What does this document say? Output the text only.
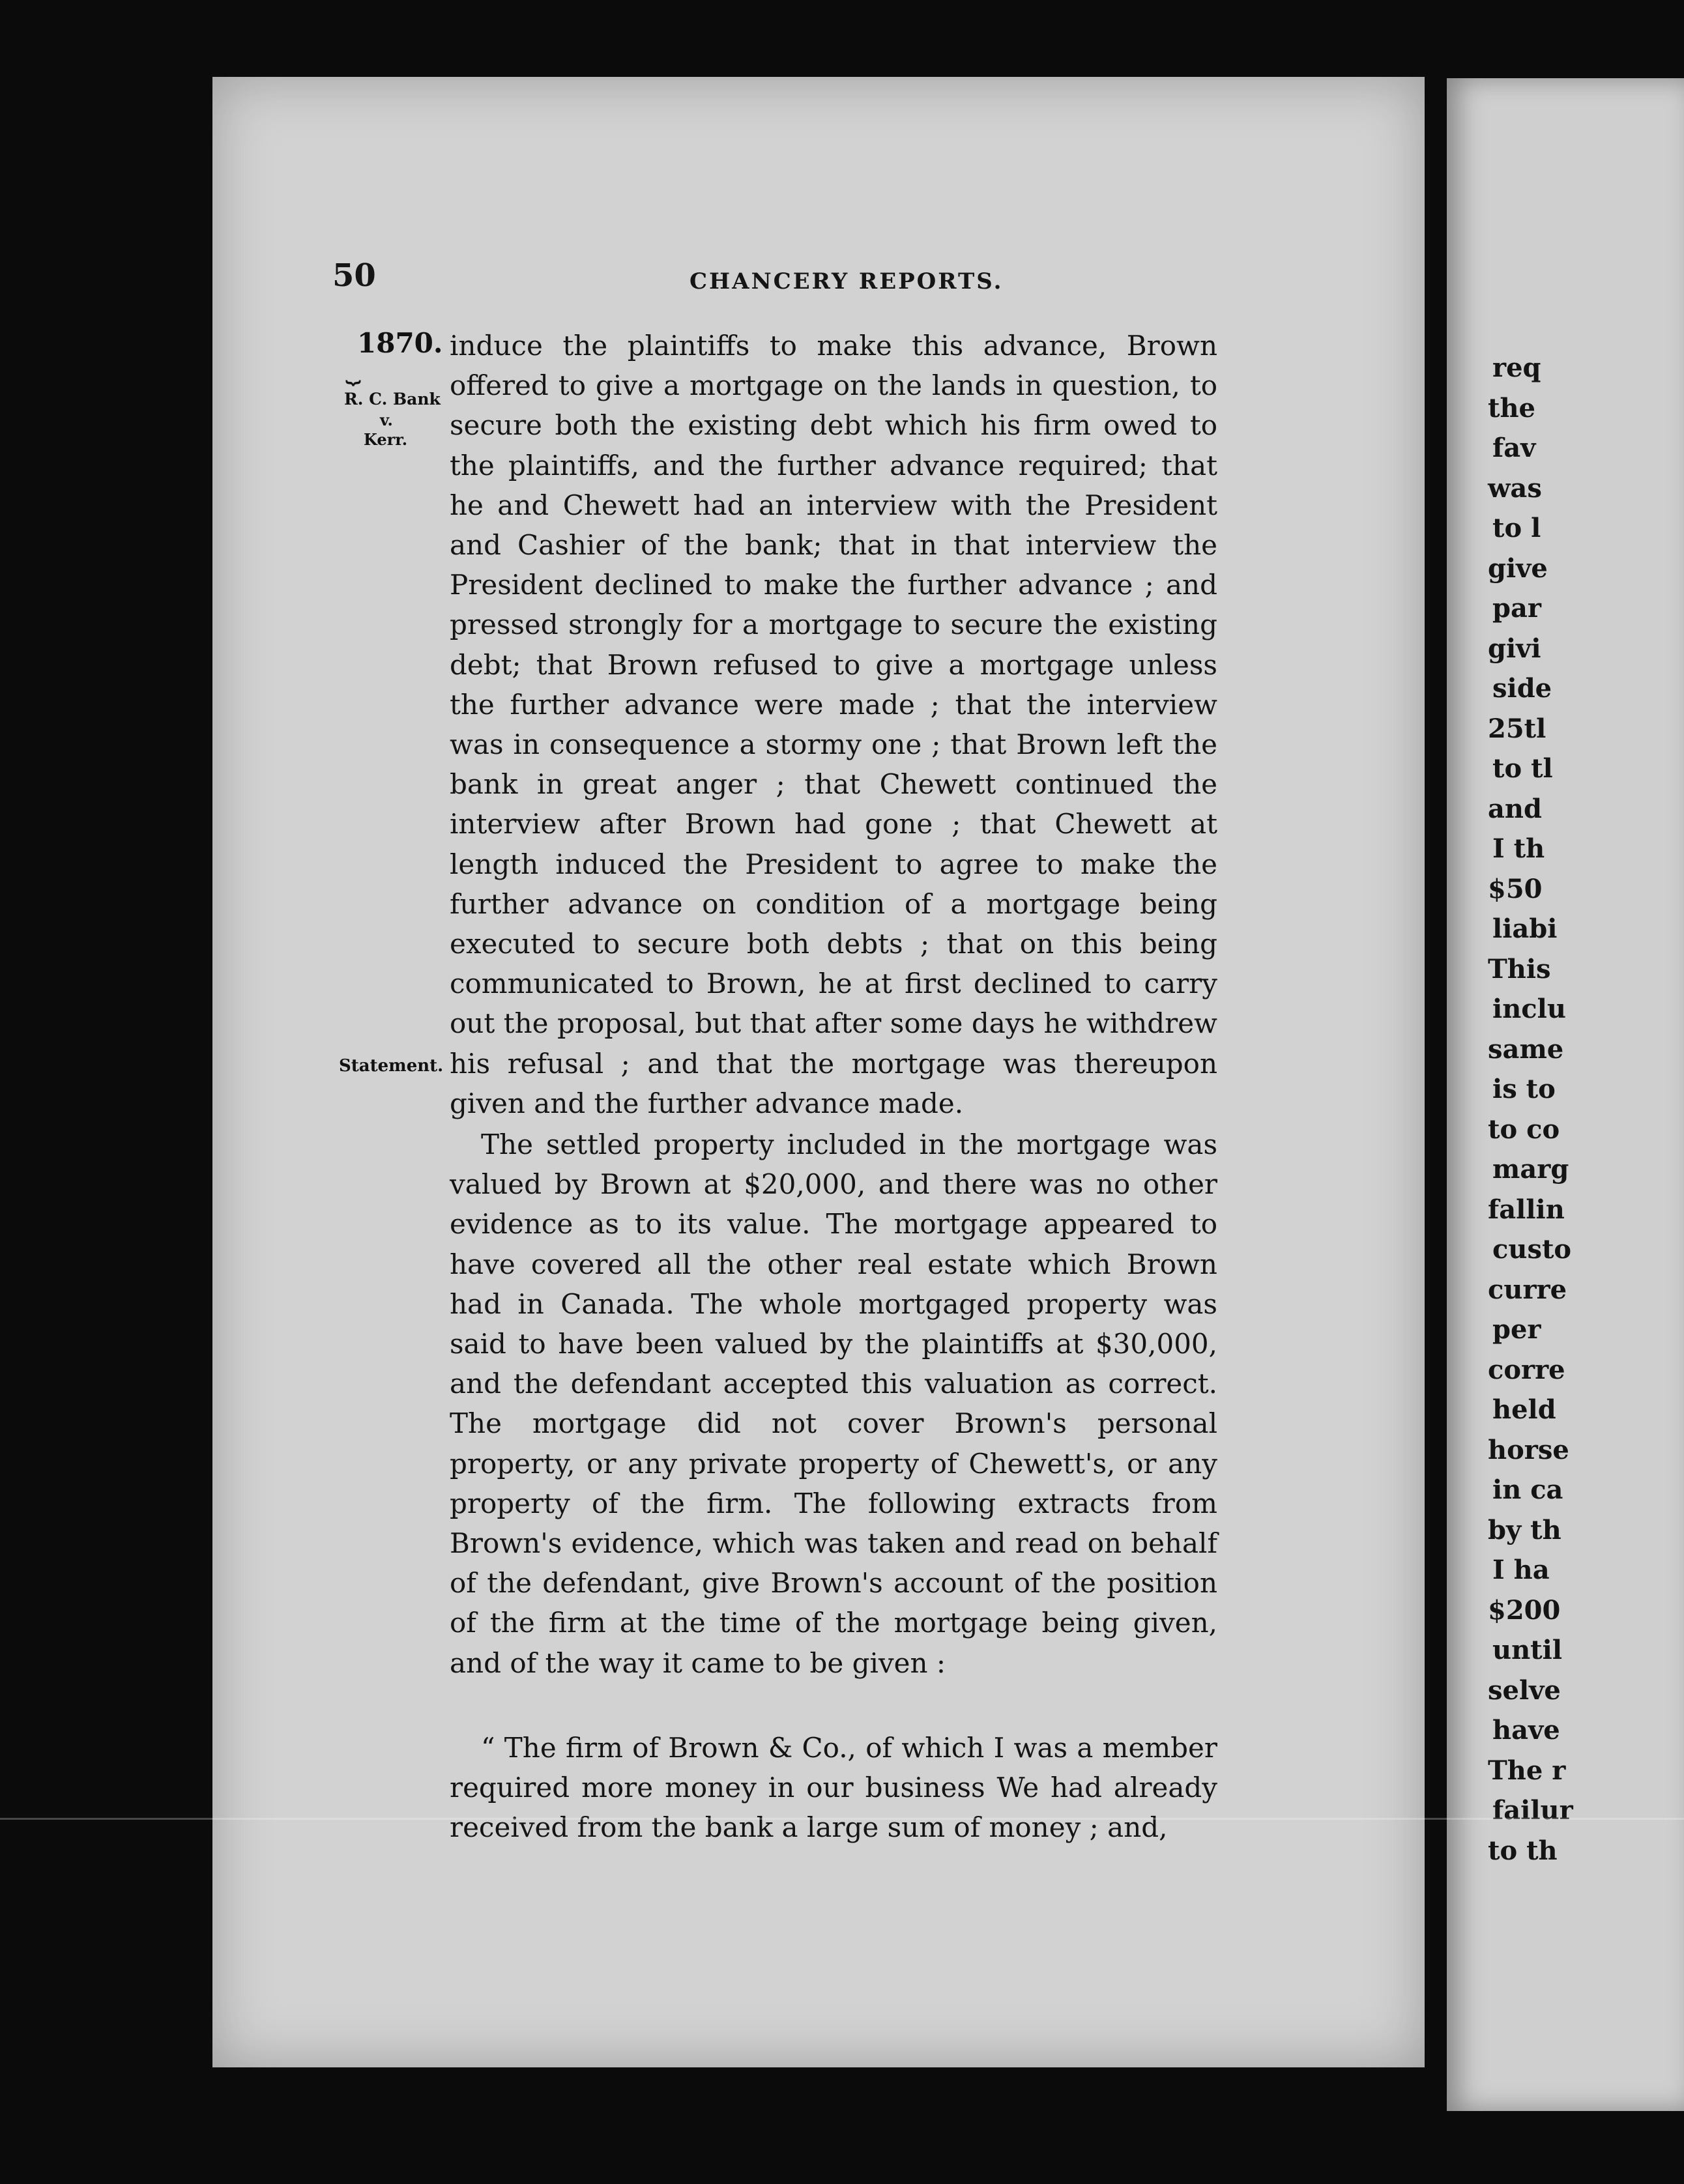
50	CHANCERY REPORTS.
1870.
⏟
R. C. Bank
v.
Kerr.
Statement.
induce the plaintiffs to make this advance, Brown offered to give a mortgage on the lands in question, to secure both the existing debt which his firm owed to the plaintiffs, and the further advance required; that he and Chewett had an interview with the President and Cashier of the bank; that in that interview the President declined to make the further advance ; and pressed strongly for a mortgage to secure the existing debt; that Brown refused to give a mortgage unless the further advance were made ; that the interview was in consequence a stormy one ; that Brown left the bank in great anger ; that Chewett continued the interview after Brown had gone ; that Chewett at length induced the President to agree to make the further advance on condition of a mortgage being executed to secure both debts ; that on this being communicated to Brown, he at first declined to carry out the proposal, but that after some days he withdrew his refusal ; and that the mortgage was thereupon given and the further advance made.
The settled property included in the mortgage was valued by Brown at $20,000, and there was no other evidence as to its value. The mortgage appeared to have covered all the other real estate which Brown had in Canada. The whole mortgaged property was said to have been valued by the plaintiffs at $30,000, and the defendant accepted this valuation as correct. The mortgage did not cover Brown's personal property, or any private property of Chewett's, or any property of the firm. The following extracts from Brown's evidence, which was taken and read on behalf of the defendant, give Brown's account of the position of the firm at the time of the mortgage being given, and of the way it came to be given :
“ The firm of Brown & Co., of which I was a member required more money in our business We had already received from the bank a large sum of money ; and,
req
the
fav
was
to l
give
par
givi
side
25tl
to tl
and
I th
$50
liabi
This
inclu
same
is to
to co
marg
fallin
custo
curre
per
corre
held
horse
in ca
by th
I ha
$200
until
selve
have
The r
failur
to th
